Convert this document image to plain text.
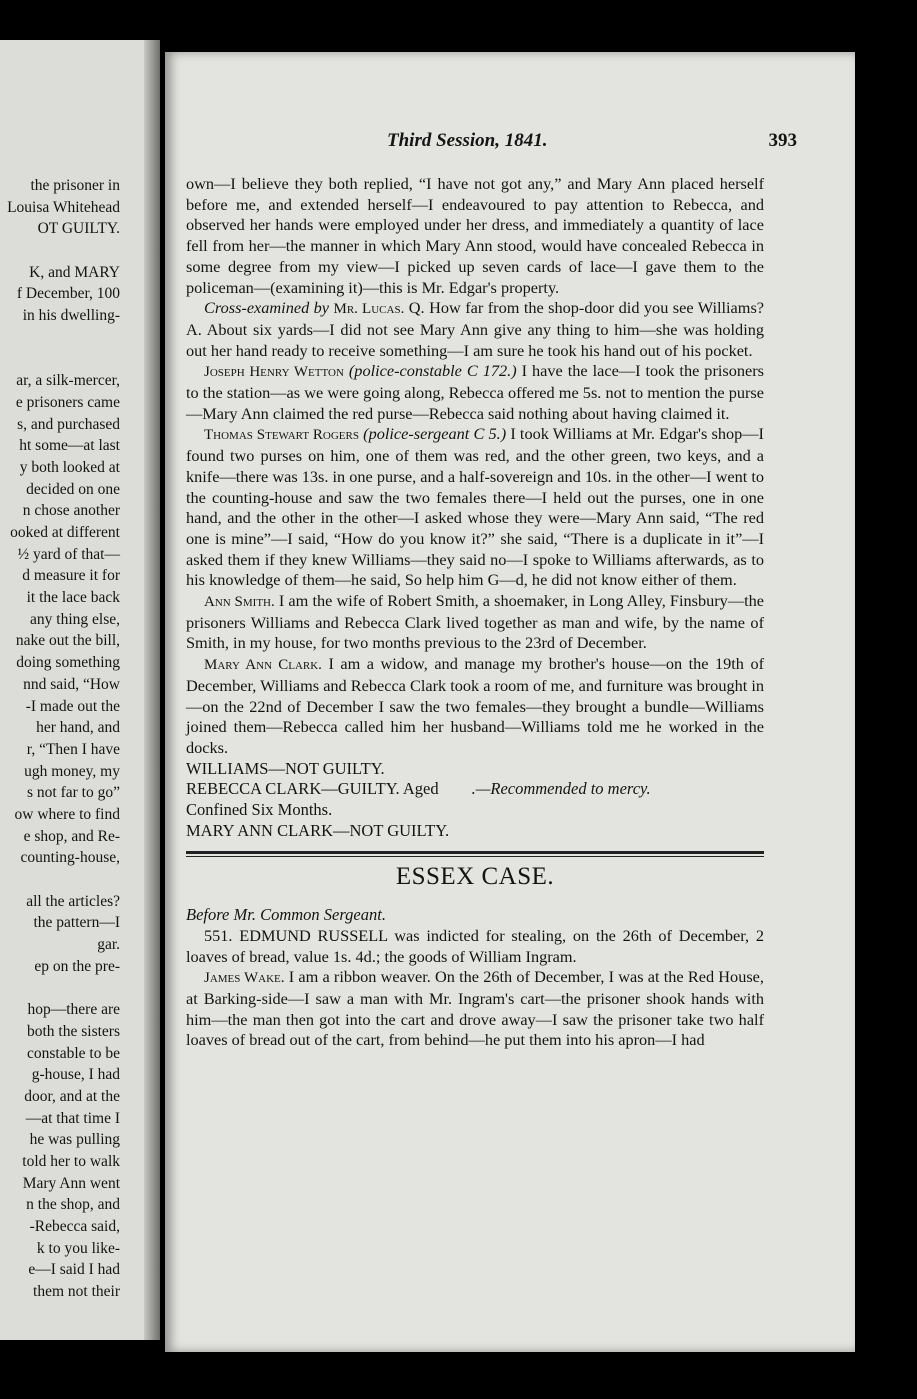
the prisoner in
Louisa Whitehead
OT GUILTY.
K, and MARY
f December, 100
in his dwelling-
ar, a silk-mercer,
e prisoners came
s, and purchased
ht some—at last
y both looked at
decided on one
n chose another
ooked at different
½ yard of that—
d measure it for
it the lace back
any thing else,
nake out the bill,
doing something
nnd said, “How
-I made out the
her hand, and
r, “Then I have
ugh money, my
s not far to go”
ow where to find
e shop, and Re-
counting-house,
all the articles?
the pattern—I
gar.
ep on the pre-
hop—there are
both the sisters
constable to be
g-house, I had
door, and at the
—at that time I
he was pulling
told her to walk
Mary Ann went
n the shop, and
-Rebecca said,
k to you like-
e—I said I had
them not their
Third Session, 1841.	393

own—I believe they both replied, “I have not got any,” and Mary Ann placed herself before me, and extended herself—I endeavoured to pay attention to Rebecca, and observed her hands were employed under her dress, and immediately a quantity of lace fell from her—the manner in which Mary Ann stood, would have concealed Rebecca in some degree from my view—I picked up seven cards of lace—I gave them to the policeman—(examining it)—this is Mr. Edgar's property.

Cross-examined by Mr. Lucas. Q. How far from the shop-door did you see Williams? A. About six yards—I did not see Mary Ann give any thing to him—she was holding out her hand ready to receive something—I am sure he took his hand out of his pocket.

Joseph Henry Wetton (police-constable C 172.) I have the lace—I took the prisoners to the station—as we were going along, Rebecca offered me 5s. not to mention the purse—Mary Ann claimed the red purse—Rebecca said nothing about having claimed it.

Thomas Stewart Rogers (police-sergeant C 5.) I took Williams at Mr. Edgar's shop—I found two purses on him, one of them was red, and the other green, two keys, and a knife—there was 13s. in one purse, and a half-sovereign and 10s. in the other—I went to the counting-house and saw the two females there—I held out the purses, one in one hand, and the other in the other—I asked whose they were—Mary Ann said, “The red one is mine”—I said, “How do you know it?” she said, “There is a duplicate in it”—I asked them if they knew Williams—they said no—I spoke to Williams afterwards, as to his knowledge of them—he said, So help him G—d, he did not know either of them.

Ann Smith. I am the wife of Robert Smith, a shoemaker, in Long Alley, Finsbury—the prisoners Williams and Rebecca Clark lived together as man and wife, by the name of Smith, in my house, for two months previous to the 23rd of December.

Mary Ann Clark. I am a widow, and manage my brother's house—on the 19th of December, Williams and Rebecca Clark took a room of me, and furniture was brought in—on the 22nd of December I saw the two females—they brought a bundle—Williams joined them—Rebecca called him her husband—Williams told me he worked in the docks.

WILLIAMS—NOT GUILTY.

REBECCA CLARK—GUILTY. Aged   .—Recommended to mercy.

Confined Six Months.

MARY ANN CLARK—NOT GUILTY.

ESSEX CASE.

Before Mr. Common Sergeant.

551. EDMUND RUSSELL was indicted for stealing, on the 26th of December, 2 loaves of bread, value 1s. 4d.; the goods of William Ingram.

James Wake. I am a ribbon weaver. On the 26th of December, I was at the Red House, at Barking-side—I saw a man with Mr. Ingram's cart—the prisoner shook hands with him—the man then got into the cart and drove away—I saw the prisoner take two half loaves of bread out of the cart, from behind—he put them into his apron—I had
